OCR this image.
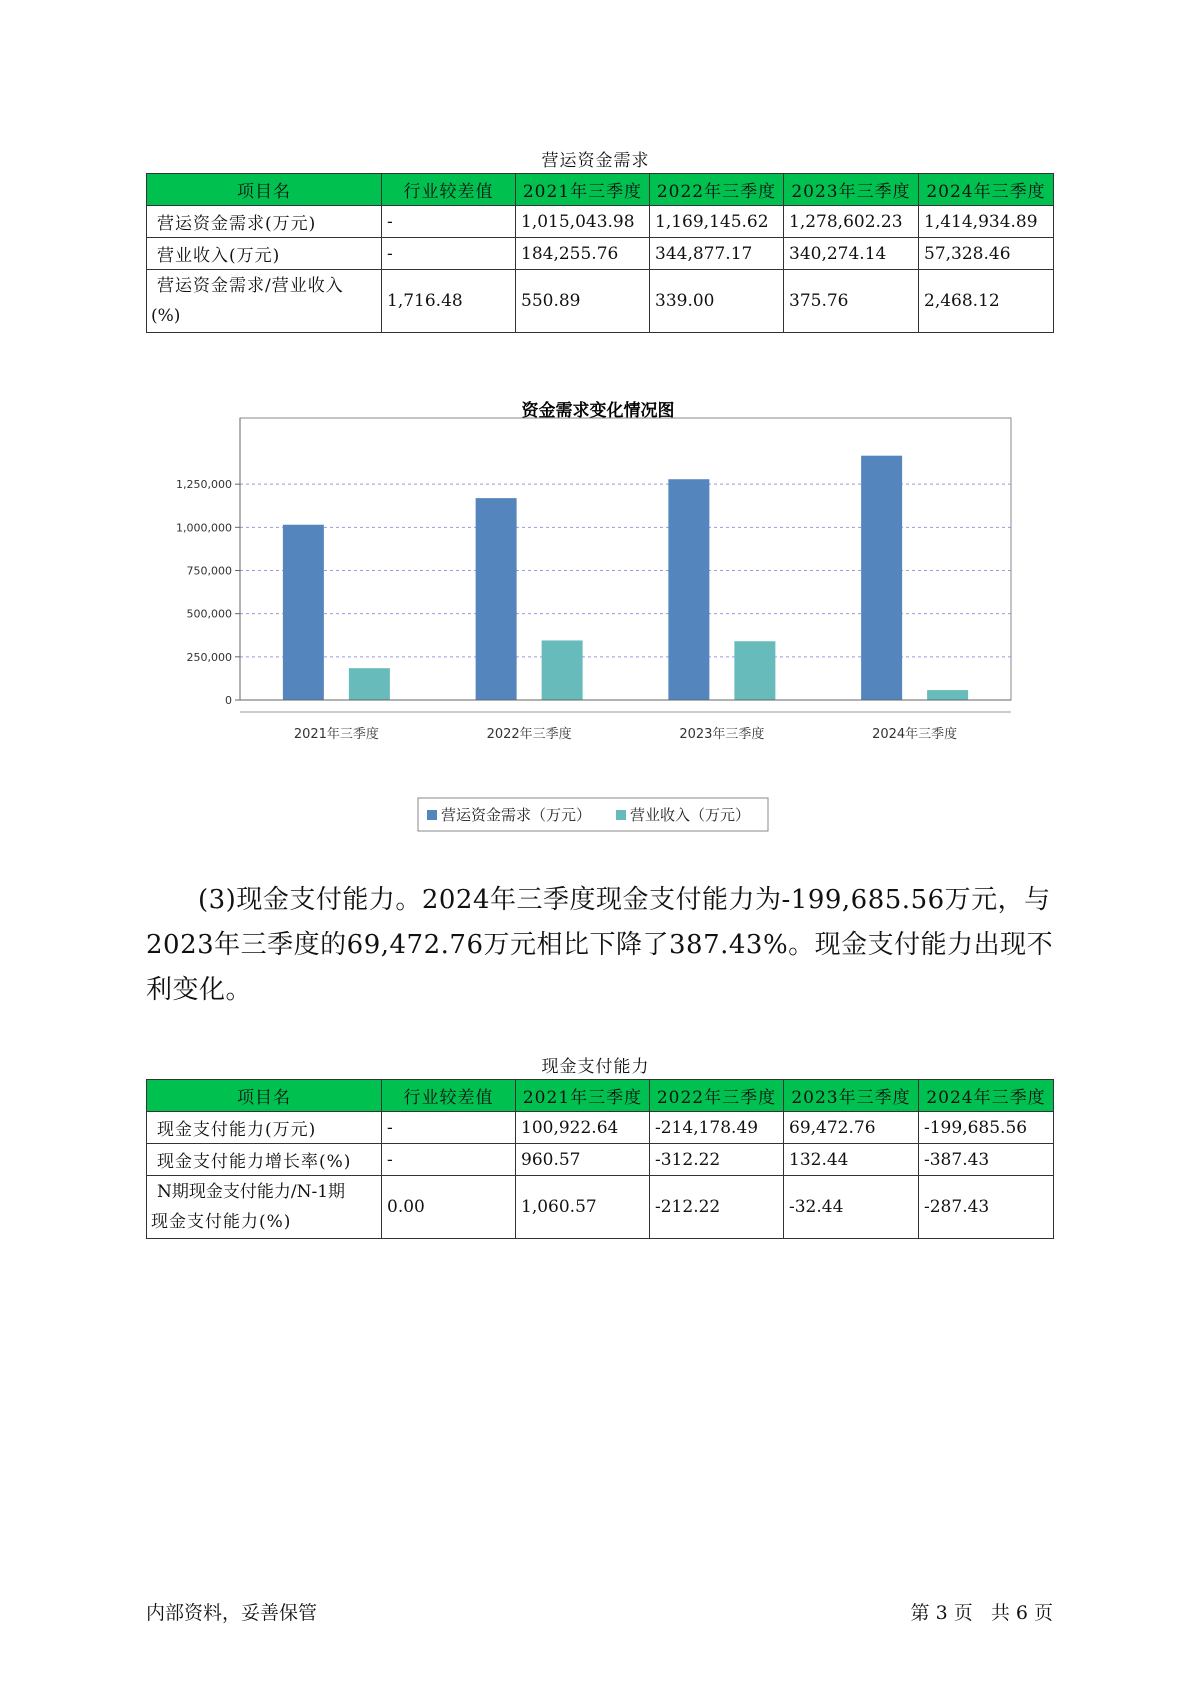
营运资金需求
项目名	行业较差值	2021年三季度	2022年三季度	2023年三季度	2024年三季度
营运资金需求(万元)	-	1,015,043.98	1,169,145.62	1,278,602.23	1,414,934.89
营业收入(万元)	-	184,255.76	344,877.17	340,274.14	57,328.46

营运资金需求/营业收入
(%)	1,716.48	550.89	339.00	375.76	2,468.12
资金需求变化情况图
0
250,000
500,000
750,000
1,000,000
1,250,000
2021年三季度	2022年三季度	2023年三季度	2024年三季度
营运资金需求（万元）	营业收入（万元）

(3)现金支付能力。2024年三季度现金支付能力为-199,685.56万元，与2023年三季度的69,472.76万元相比下降了387.43%。现金支付能力出现不利变化。

现金支付能力
项目名	行业较差值	2021年三季度	2022年三季度	2023年三季度	2024年三季度
现金支付能力(万元)	-	100,922.64	-214,178.49	69,472.76	-199,685.56
现金支付能力增长率(%)	-	960.57	-312.22	132.44	-387.43

N期现金支付能力/N-1期
现金支付能力(%)	0.00	1,060.57	-212.22	-32.44	-287.43
内部资料，妥善保管	第 3 页   共 6 页
